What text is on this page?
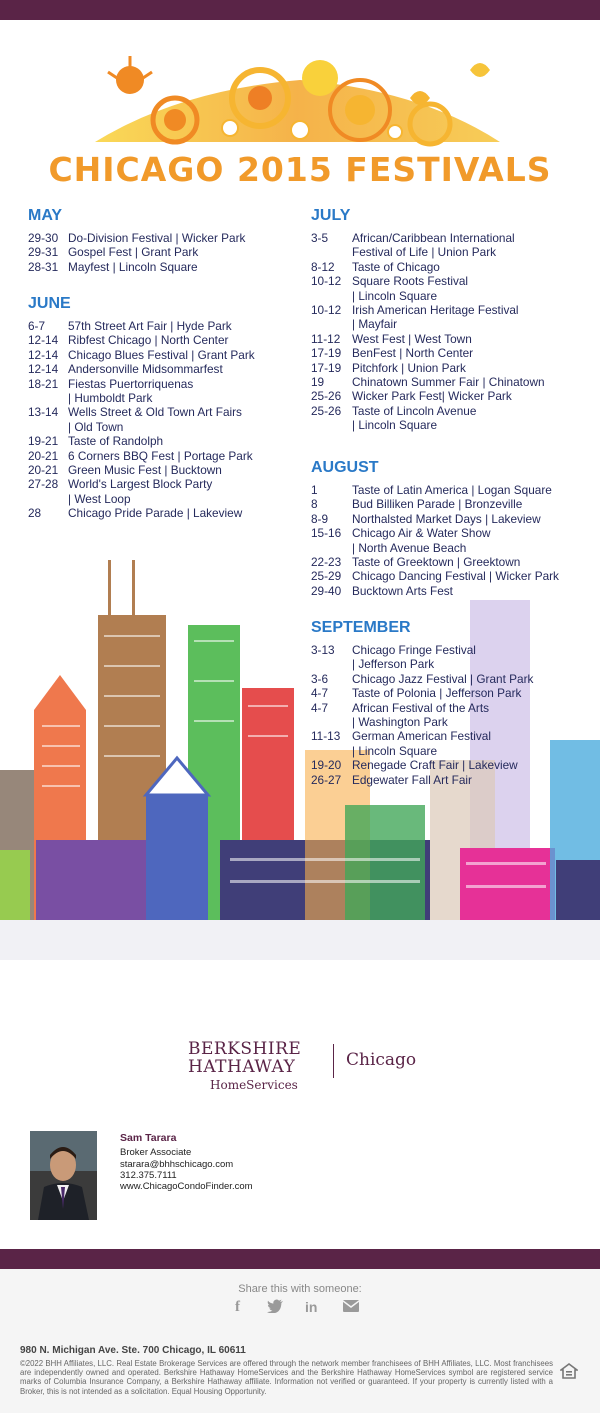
CHICAGO 2015 FESTIVALS
MAY
29-30 Do-Division Festival | Wicker Park
29-31 Gospel Fest | Grant Park
28-31 Mayfest | Lincoln Square
JUNE
6-7 57th Street Art Fair | Hyde Park
12-14 Ribfest Chicago | North Center
12-14 Chicago Blues Festival | Grant Park
12-14 Andersonville Midsommarfest
18-21 Fiestas Puertorriquenas
| Humboldt Park
13-14 Wells Street & Old Town Art Fairs
| Old Town
19-21 Taste of Randolph
20-21 6 Corners BBQ Fest | Portage Park
20-21 Green Music Fest | Bucktown
27-28 World's Largest Block Party
| West Loop
28 Chicago Pride Parade | Lakeview
JULY
3-5 African/Caribbean International
Festival of Life | Union Park
8-12 Taste of Chicago
10-12 Square Roots Festival
| Lincoln Square
10-12 Irish American Heritage Festival
| Mayfair
11-12 West Fest | West Town
17-19 BenFest | North Center
17-19 Pitchfork | Union Park
19 Chinatown Summer Fair | Chinatown
25-26 Wicker Park Fest| Wicker Park
25-26 Taste of Lincoln Avenue
| Lincoln Square
AUGUST
1	Taste of Latin America | Logan Square
8	Bud Billiken Parade | Bronzeville
8-9 Northalsted Market Days | Lakeview
15-16 Chicago Air & Water Show
| North Avenue Beach
22-23 Taste of Greektown | Greektown
25-29 Chicago Dancing Festival | Wicker Park
29-40 Bucktown Arts Fest
SEPTEMBER
3-13 Chicago Fringe Festival
| Jefferson Park
3-6 Chicago Jazz Festival | Grant Park
4-7 Taste of Polonia | Jefferson Park
4-7 African Festival of the Arts
| Washington Park
11-13 German American Festival
| Lincoln Square
19-20 Renegade Craft Fair | Lakeview
26-27 Edgewater Fall Art Fair
BERKSHIRE
HATHAWAY
HomeServices
Chicago
Sam Tarara
Broker Associate
starara@bhhschicago.com
312.375.7111
www.ChicagoCondoFinder.com
Share this with someone:
f	in
980 N. Michigan Ave. Ste. 700 Chicago, IL 60611
©2022 BHH Affiliates, LLC. Real Estate Brokerage Services are offered through the network member franchisees of BHH Affiliates, LLC. Most franchisees are independently owned and operated. Berkshire Hathaway HomeServices and the Berkshire Hathaway HomeServices symbol are registered service marks of Columbia Insurance Company, a Berkshire Hathaway affiliate. Information not verified or guaranteed. If your property is currently listed with a Broker, this is not intended as a solicitation. Equal Housing Opportunity.
